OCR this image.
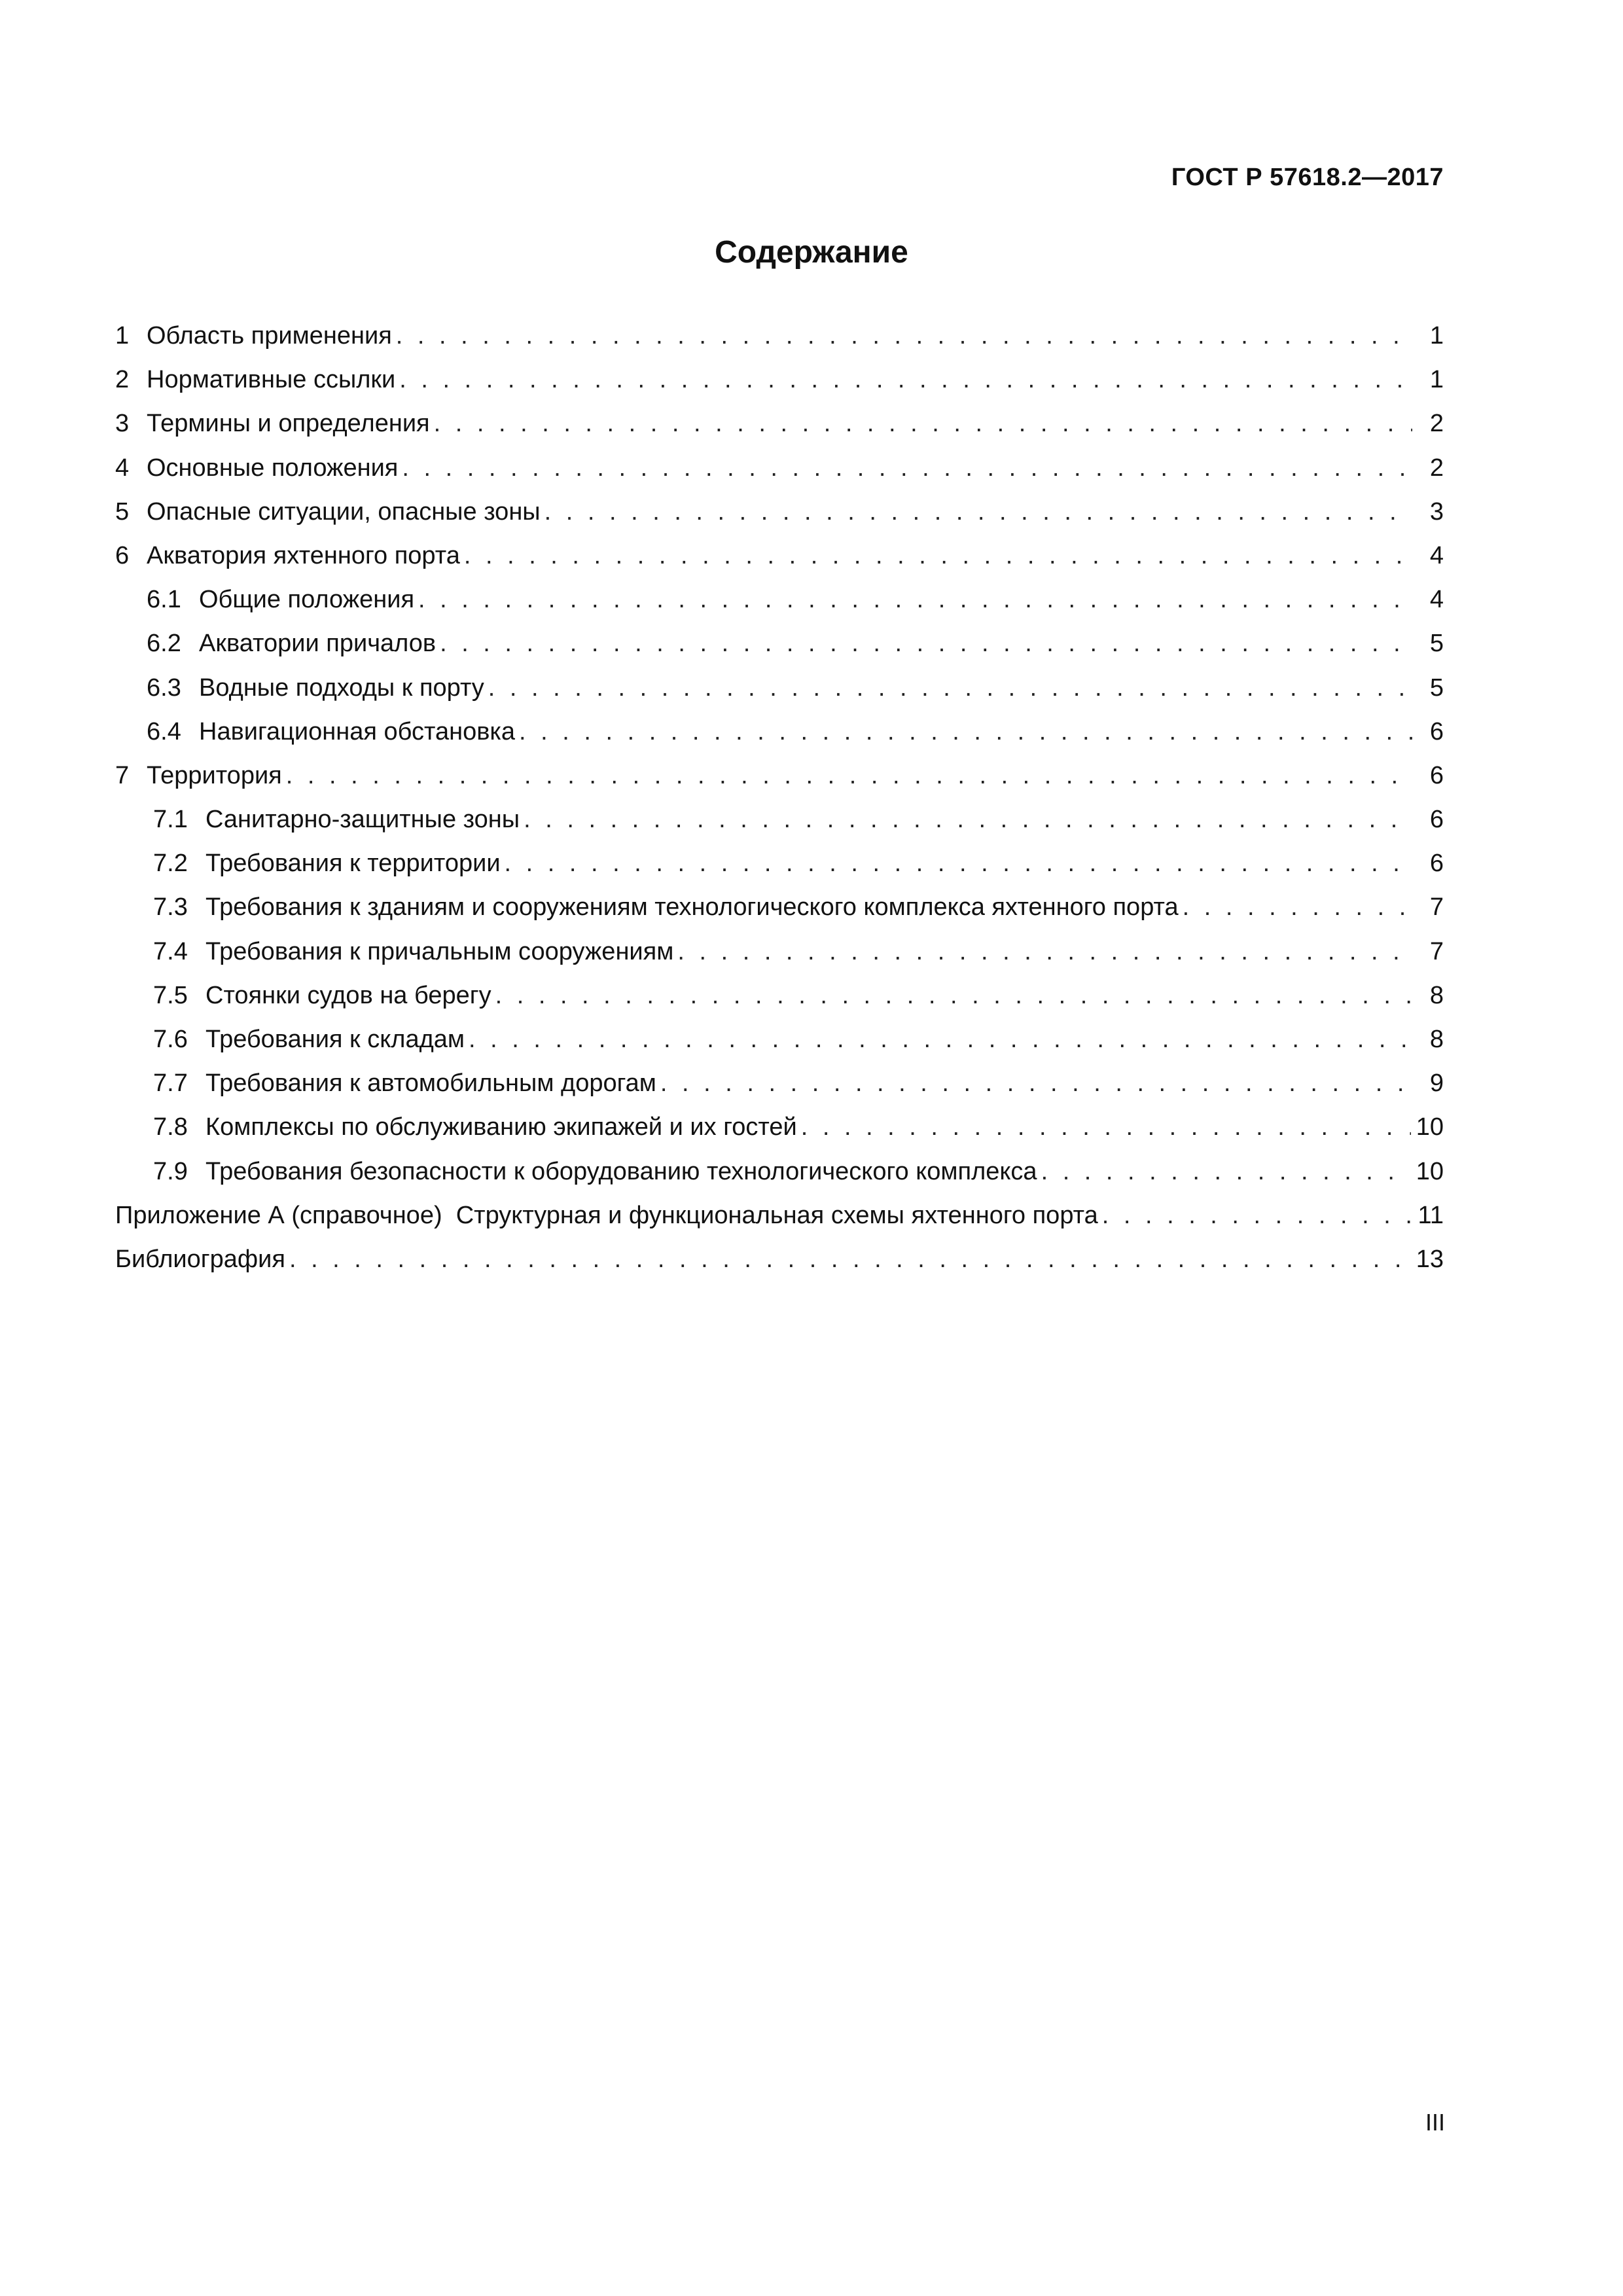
ГОСТ Р 57618.2—2017
Содержание
1 Область применения . . .	1
2 Нормативные ссылки . . .	1
3 Термины и определения . . .	2
4 Основные положения . . .	2
5 Опасные ситуации, опасные зоны . . .	3
6 Акватория яхтенного порта . . .	4
6.1 Общие положения . . .	4
6.2 Акватории причалов . . .	5
6.3 Водные подходы к порту . . .	5
6.4 Навигационная обстановка . . .	6
7 Территория . . .	6
7.1 Санитарно-защитные зоны . . .	6
7.2 Требования к территории . . .	6
7.3 Требования к зданиям и сооружениям технологического комплекса яхтенного порта . . .	7
7.4 Требования к причальным сооружениям . . .	7
7.5 Стоянки судов на берегу . . .	8
7.6 Требования к складам . . .	8
7.7 Требования к автомобильным дорогам . . .	9
7.8 Комплексы по обслуживанию экипажей и их гостей . . .	10
7.9 Требования безопасности к оборудованию технологического комплекса . . .	10
Приложение А (справочное)  Структурная и функциональная схемы яхтенного порта . . .	11
Библиография . . .	13
III
